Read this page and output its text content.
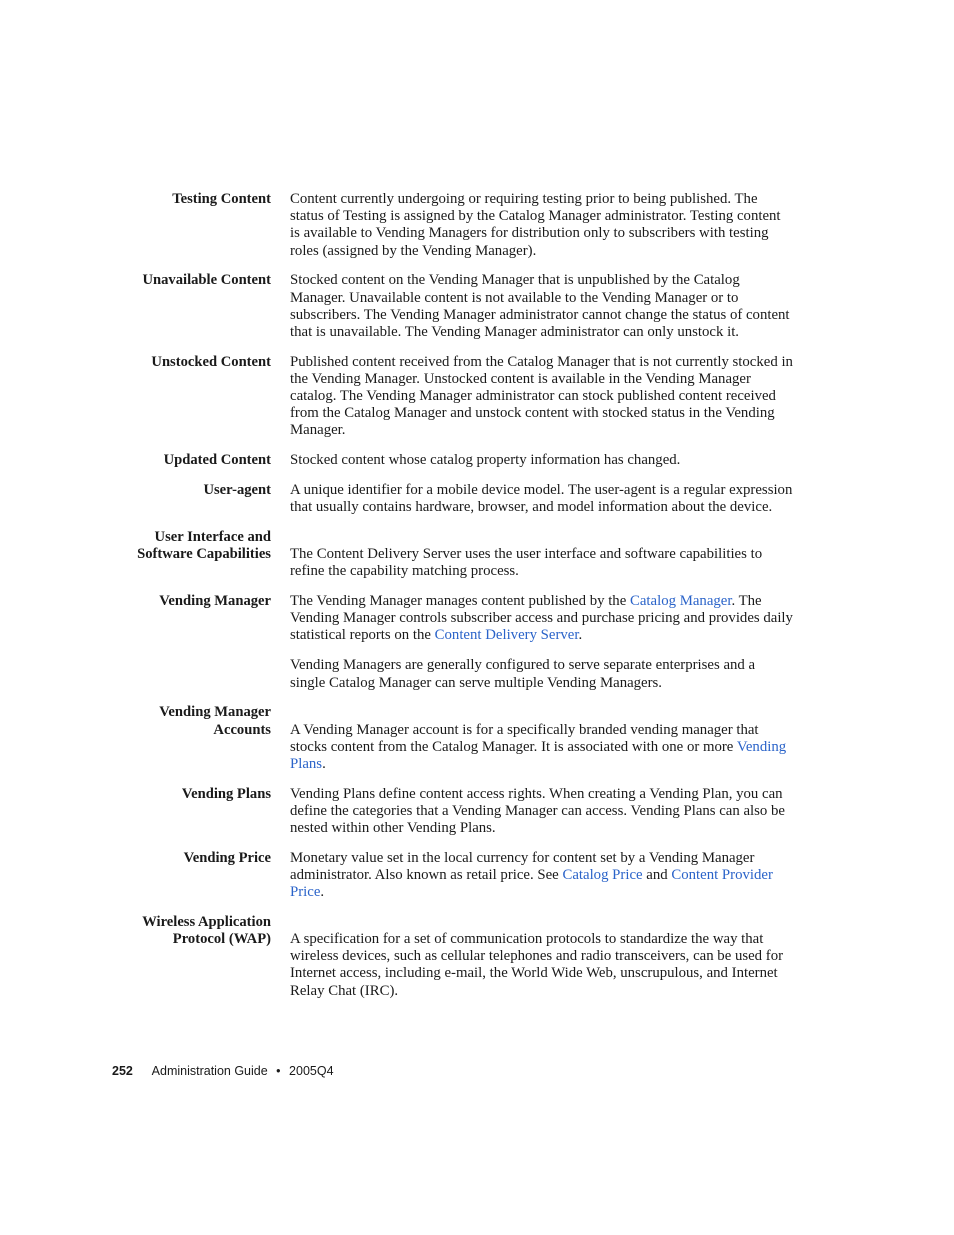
Testing Content Content currently undergoing or requiring testing prior to being published. The status of Testing is assigned by the Catalog Manager administrator. Testing content is available to Vending Managers for distribution only to subscribers with testing roles (assigned by the Vending Manager).

Unavailable Content Stocked content on the Vending Manager that is unpublished by the Catalog Manager. Unavailable content is not available to the Vending Manager or to subscribers. The Vending Manager administrator cannot change the status of content that is unavailable. The Vending Manager administrator can only unstock it.

Unstocked Content Published content received from the Catalog Manager that is not currently stocked in the Vending Manager. Unstocked content is available in the Vending Manager catalog. The Vending Manager administrator can stock published content received from the Catalog Manager and unstock content with stocked status in the Vending Manager.

Updated Content Stocked content whose catalog property information has changed.

User-agent A unique identifier for a mobile device model. The user-agent is a regular expression that usually contains hardware, browser, and model information about the device.

User Interface and
Software Capabilities The Content Delivery Server uses the user interface and software capabilities to refine the capability matching process.

Vending Manager The Vending Manager manages content published by the Catalog Manager. The Vending Manager controls subscriber access and purchase pricing and provides daily statistical reports on the Content Delivery Server.

Vending Managers are generally configured to serve separate enterprises and a single Catalog Manager can serve multiple Vending Managers.

Vending Manager
Accounts A Vending Manager account is for a specifically branded vending manager that stocks content from the Catalog Manager. It is associated with one or more Vending Plans.

Vending Plans Vending Plans define content access rights. When creating a Vending Plan, you can define the categories that a Vending Manager can access. Vending Plans can also be nested within other Vending Plans.

Vending Price Monetary value set in the local currency for content set by a Vending Manager administrator. Also known as retail price. See Catalog Price and Content Provider Price.

Wireless Application
Protocol (WAP) A specification for a set of communication protocols to standardize the way that wireless devices, such as cellular telephones and radio transceivers, can be used for Internet access, including e-mail, the World Wide Web, unscrupulous, and Internet Relay Chat (IRC).

252 Administration Guide • 2005Q4
